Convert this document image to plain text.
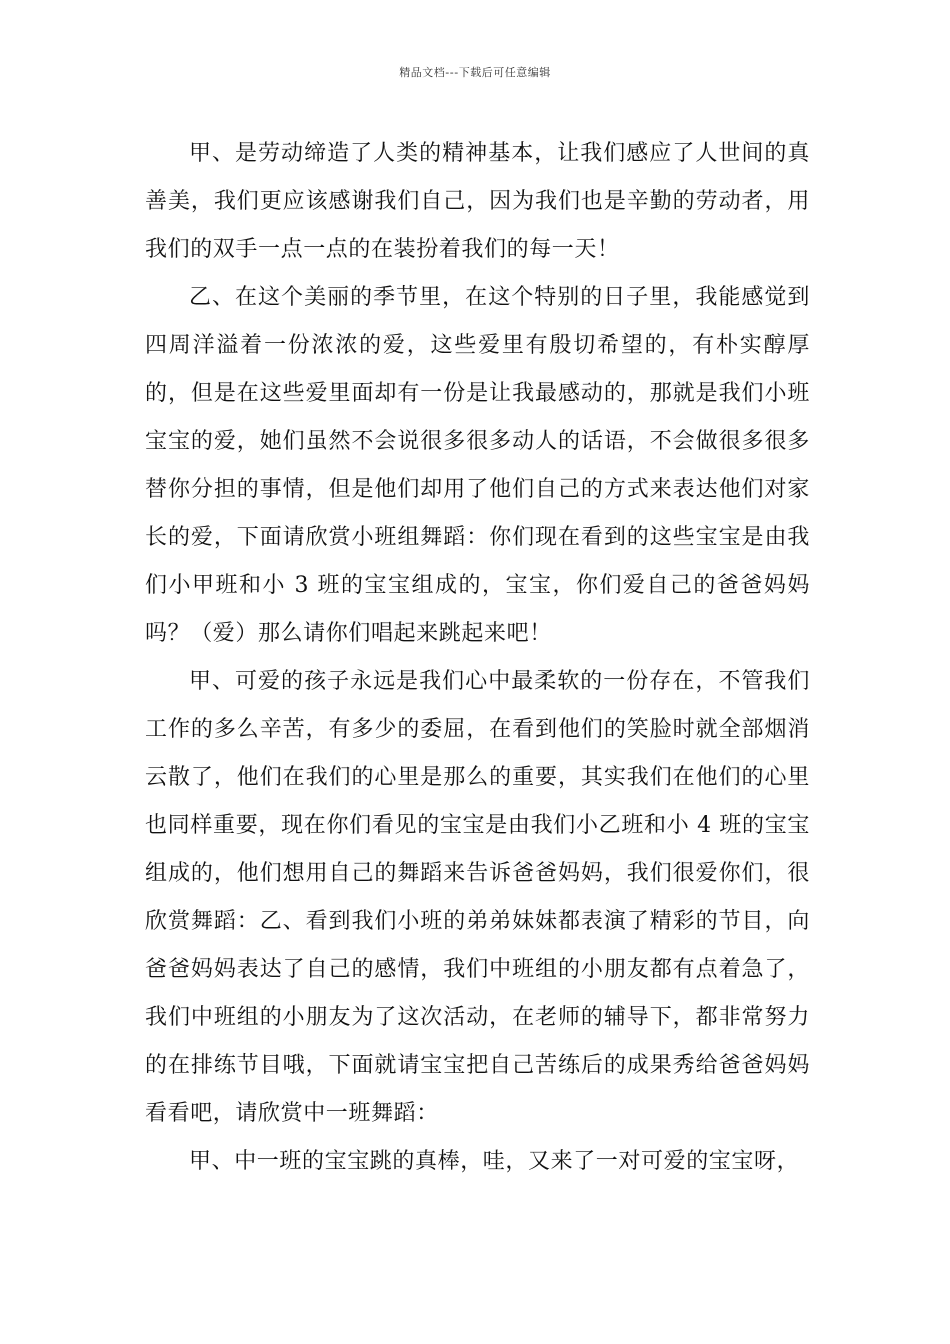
精品文档---下载后可任意编辑

甲、是劳动缔造了人类的精神基本，让我们感应了人世间的真善美，我们更应该感谢我们自己，因为我们也是辛勤的劳动者，用我们的双手一点一点的在装扮着我们的每一天！

乙、在这个美丽的季节里，在这个特别的日子里，我能感觉到四周洋溢着一份浓浓的爱，这些爱里有殷切希望的，有朴实醇厚的，但是在这些爱里面却有一份是让我最感动的，那就是我们小班宝宝的爱，她们虽然不会说很多很多动人的话语，不会做很多很多替你分担的事情，但是他们却用了他们自己的方式来表达他们对家长的爱，下面请欣赏小班组舞蹈：你们现在看到的这些宝宝是由我们小甲班和小 3 班的宝宝组成的，宝宝，你们爱自己的爸爸妈妈吗？（爱）那么请你们唱起来跳起来吧！

甲、可爱的孩子永远是我们心中最柔软的一份存在，不管我们工作的多么辛苦，有多少的委屈，在看到他们的笑脸时就全部烟消云散了，他们在我们的心里是那么的重要，其实我们在他们的心里也同样重要，现在你们看见的宝宝是由我们小乙班和小 4 班的宝宝组成的，他们想用自己的舞蹈来告诉爸爸妈妈，我们很爱你们，很欣赏舞蹈：乙、看到我们小班的弟弟妹妹都表演了精彩的节目，向爸爸妈妈表达了自己的感情，我们中班组的小朋友都有点着急了，我们中班组的小朋友为了这次活动，在老师的辅导下，都非常努力的在排练节目哦，下面就请宝宝把自己苦练后的成果秀给爸爸妈妈看看吧，请欣赏中一班舞蹈：

甲、中一班的宝宝跳的真棒，哇，又来了一对可爱的宝宝呀，
